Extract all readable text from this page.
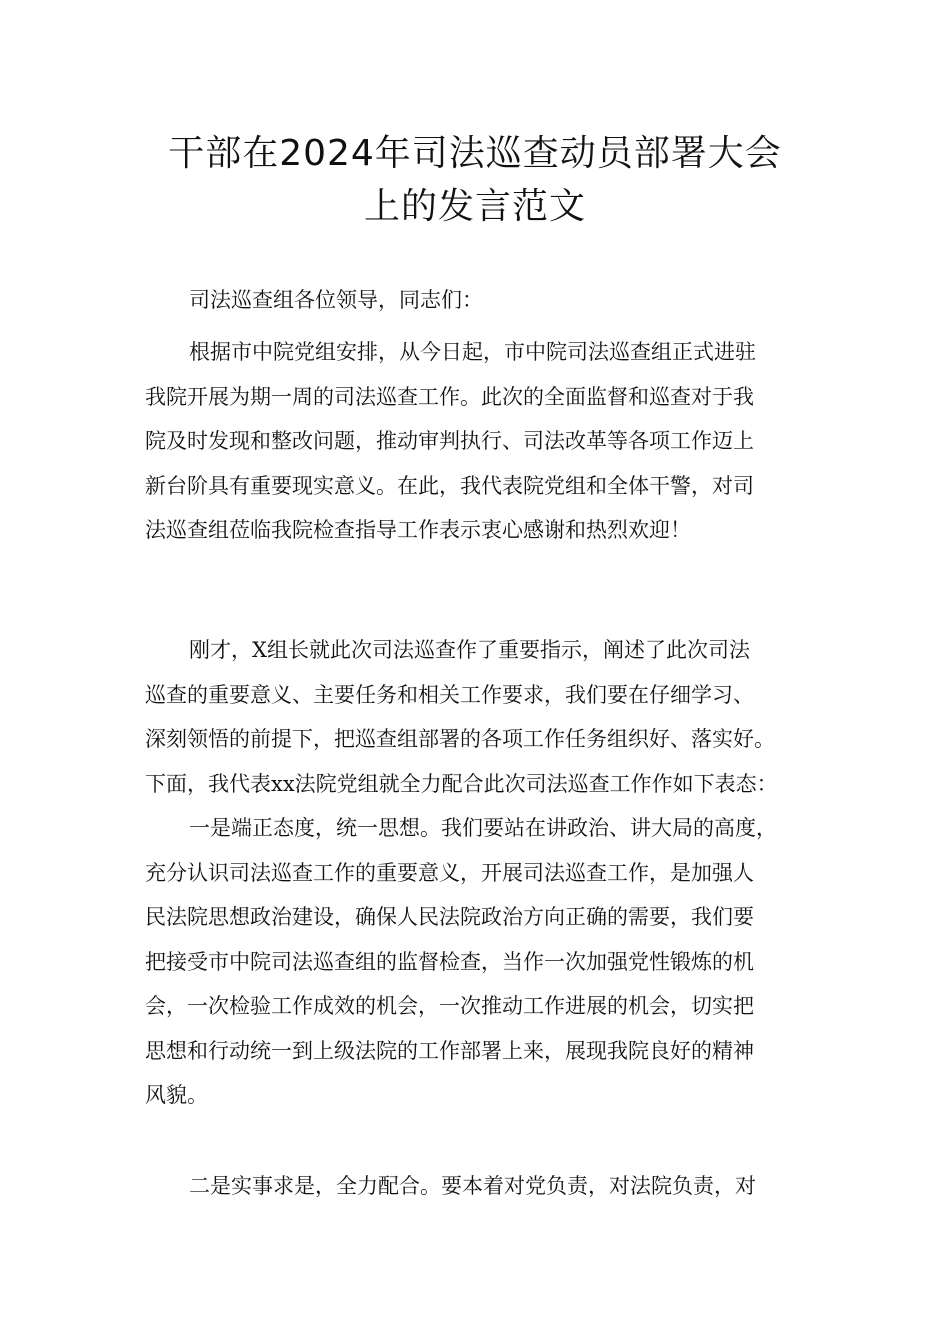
干部在2024年司法巡查动员部署大会
上的发言范文
司法巡查组各位领导，同志们：
根据市中院党组安排，从今日起，市中院司法巡查组正式进驻
我院开展为期一周的司法巡查工作。此次的全面监督和巡查对于我
院及时发现和整改问题，推动审判执行、司法改革等各项工作迈上
新台阶具有重要现实意义。在此，我代表院党组和全体干警，对司
法巡查组莅临我院检查指导工作表示衷心感谢和热烈欢迎！
刚才，X组长就此次司法巡查作了重要指示，阐述了此次司法
巡查的重要意义、主要任务和相关工作要求，我们要在仔细学习、
深刻领悟的前提下，把巡查组部署的各项工作任务组织好、落实好。
下面，我代表xx法院党组就全力配合此次司法巡查工作作如下表态：
一是端正态度，统一思想。我们要站在讲政治、讲大局的高度，
充分认识司法巡查工作的重要意义，开展司法巡查工作，是加强人
民法院思想政治建设，确保人民法院政治方向正确的需要，我们要
把接受市中院司法巡查组的监督检查，当作一次加强党性锻炼的机
会，一次检验工作成效的机会，一次推动工作进展的机会，切实把
思想和行动统一到上级法院的工作部署上来，展现我院良好的精神
风貌。
二是实事求是，全力配合。要本着对党负责，对法院负责，对
